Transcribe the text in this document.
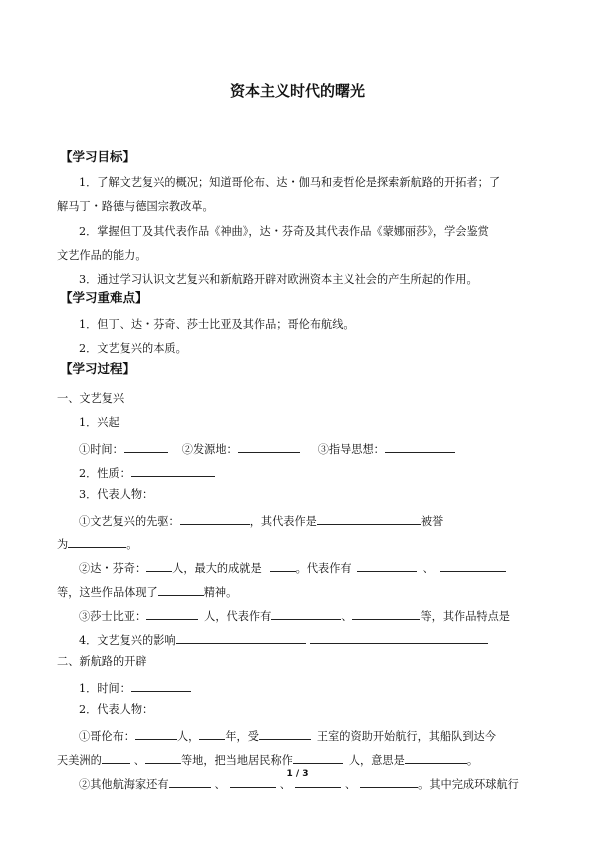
资本主义时代的曙光
【学习目标】
1．了解文艺复兴的概况；知道哥伦布、达・伽马和麦哲伦是探索新航路的开拓者；了
解马丁・路德与德国宗教改革。
2．掌握但丁及其代表作品《神曲》，达・芬奇及其代表作品《蒙娜丽莎》，学会鉴赏
文艺作品的能力。
3．通过学习认识文艺复兴和新航路开辟对欧洲资本主义社会的产生所起的作用。
【学习重难点】
1．但丁、达・芬奇、莎士比亚及其作品；哥伦布航线。
2．文艺复兴的本质。
【学习过程】
一、文艺复兴
1．兴起
①时间：	②发源地：	③指导思想：
2．性质：
3．代表人物：
①文艺复兴的先驱：	，其代表作是	被誉
为	。
②达・芬奇： 人，最大的成就是	。代表作有	、
等，这些作品体现了	精神。
③莎士比亚：	人，代表作有	、	等，其作品特点是
4．文艺复兴的影响
二、新航路的开辟
1．时间：
2．代表人物：
①哥伦布：	人， 年，受	王室的资助开始航行，其船队到达今
天美洲的	、	等地，把当地居民称作	人，意思是	。
1 / 3
②其他航海家还有	、	、	、	。其中完成环球航行
